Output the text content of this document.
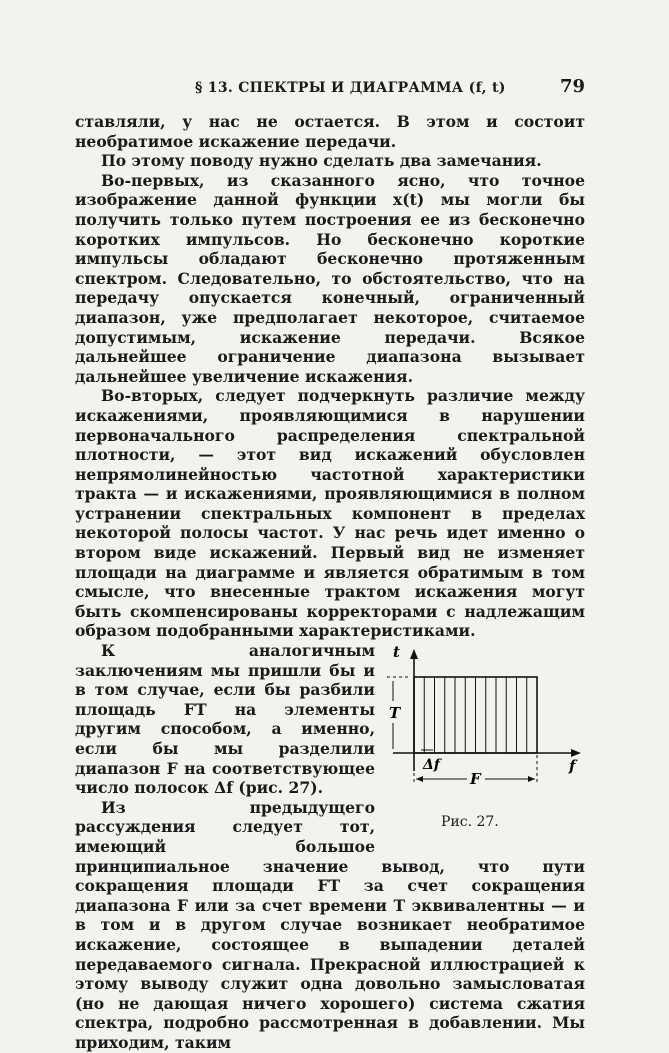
§ 13. СПЕКТРЫ И ДИАГРАММА (f, t)	79

ставляли, у нас не остается. В этом и состоит необратимое искажение передачи.

По этому поводу нужно сделать два замечания.

Во-первых, из сказанного ясно, что точное изображение данной функции x(t) мы могли бы получить только путем построения ее из бесконечно коротких импульсов. Но бесконечно короткие импульсы обладают бесконечно протяженным спектром. Следовательно, то обстоятельство, что на передачу опускается конечный, ограниченный диапазон, уже предполагает некоторое, считаемое допустимым, искажение передачи. Всякое дальнейшее ограничение диапазона вызывает дальнейшее увеличение искажения.

Во-вторых, следует подчеркнуть различие между искажениями, проявляющимися в нарушении первоначального распределения спектральной плотности, — этот вид искажений обусловлен непрямолинейностью частотной характеристики тракта — и искажениями, проявляющимися в полном устранении спектральных компонент в пределах некоторой полосы частот. У нас речь идет именно о втором виде искажений. Первый вид не изменяет площади на диаграмме и является обратимым в том смысле, что внесенные трактом искажения могут быть скомпенсированы корректорами с надлежащим образом подобранными характеристиками.

T
Δf
F
t
f
Рис. 27.

К аналогичным заключениям мы пришли бы и в том случае, если бы разбили площадь FT на элементы другим способом, а именно, если бы мы разделили диапазон F на соответствующее число полосок Δf (рис. 27).

Из предыдущего рассуждения следует тот, имеющий большое принципиальное значение вывод, что пути сокращения площади FT за счет сокращения диапазона F или за счет времени T эквивалентны — и в том и в другом случае возникает необратимое искажение, состоящее в выпадении деталей передаваемого сигнала. Прекрасной иллюстрацией к этому выводу служит одна довольно замысловатая (но не дающая ничего хорошего) система сжатия спектра, подробно рассмотренная в добавлении. Мы приходим, таким
